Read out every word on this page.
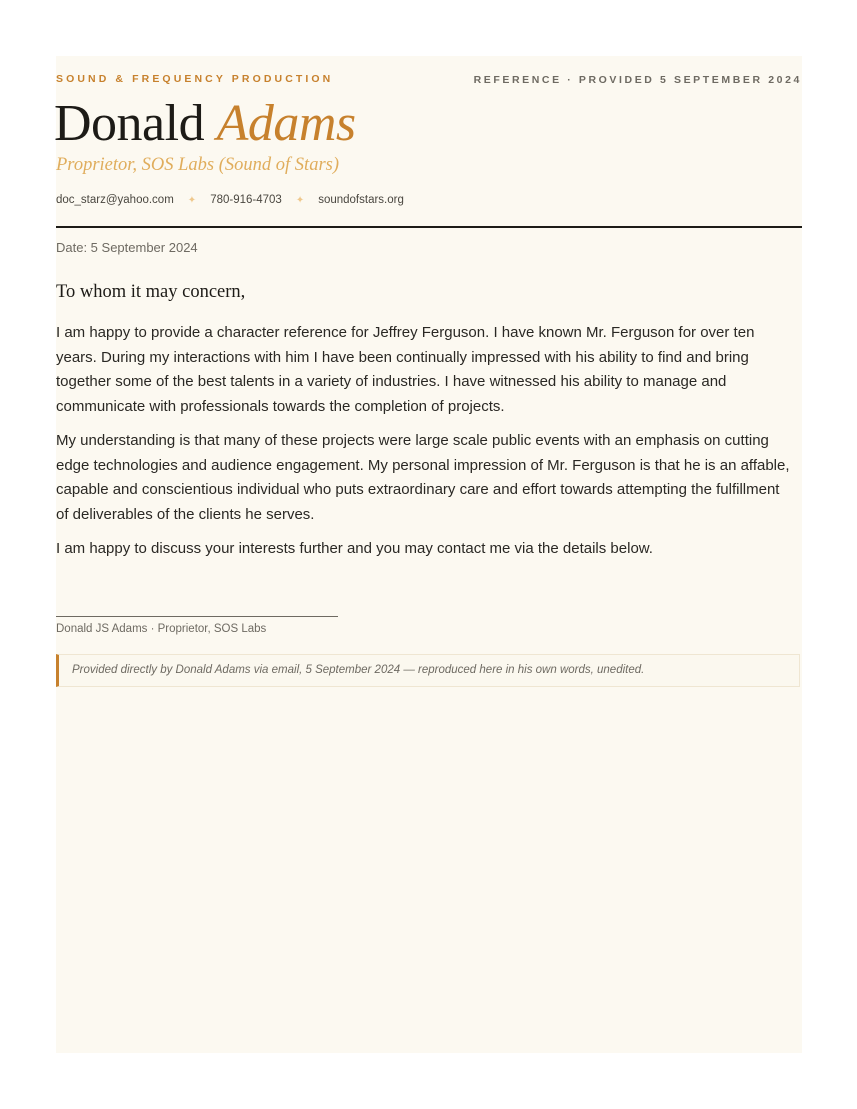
SOUND & FREQUENCY PRODUCTION	REFERENCE · PROVIDED 5 SEPTEMBER 2024
Donald Adams
Proprietor, SOS Labs (Sound of Stars)
doc_starz@yahoo.com ✦ 780-916-4703 ✦ soundofstars.org
Date: 5 September 2024
To whom it may concern,

I am happy to provide a character reference for Jeffrey Ferguson. I have known Mr. Ferguson for over ten years. During my interactions with him I have been continually impressed with his ability to find and bring together some of the best talents in a variety of industries. I have witnessed his ability to manage and communicate with professionals towards the completion of projects.

My understanding is that many of these projects were large scale public events with an emphasis on cutting edge technologies and audience engagement. My personal impression of Mr. Ferguson is that he is an affable, capable and conscientious individual who puts extraordinary care and effort towards attempting the fulfillment of deliverables of the clients he serves.

I am happy to discuss your interests further and you may contact me via the details below.

Donald JS Adams · Proprietor, SOS Labs
Provided directly by Donald Adams via email, 5 September 2024 — reproduced here in his own words, unedited.
